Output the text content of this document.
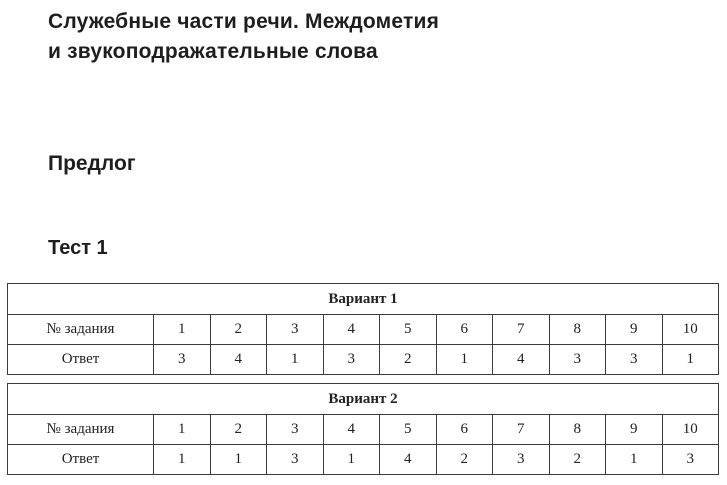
Служебные части речи. Междометия
и звукоподражательные слова
Предлог
Тест 1
Вариант 1										
№ задания	1	2	3	4	5	6	7	8	9	10
Ответ	3	4	1	3	2	1	4	3	3	1

Вариант 2										
№ задания	1	2	3	4	5	6	7	8	9	10
Ответ	1	1	3	1	4	2	3	2	1	3
